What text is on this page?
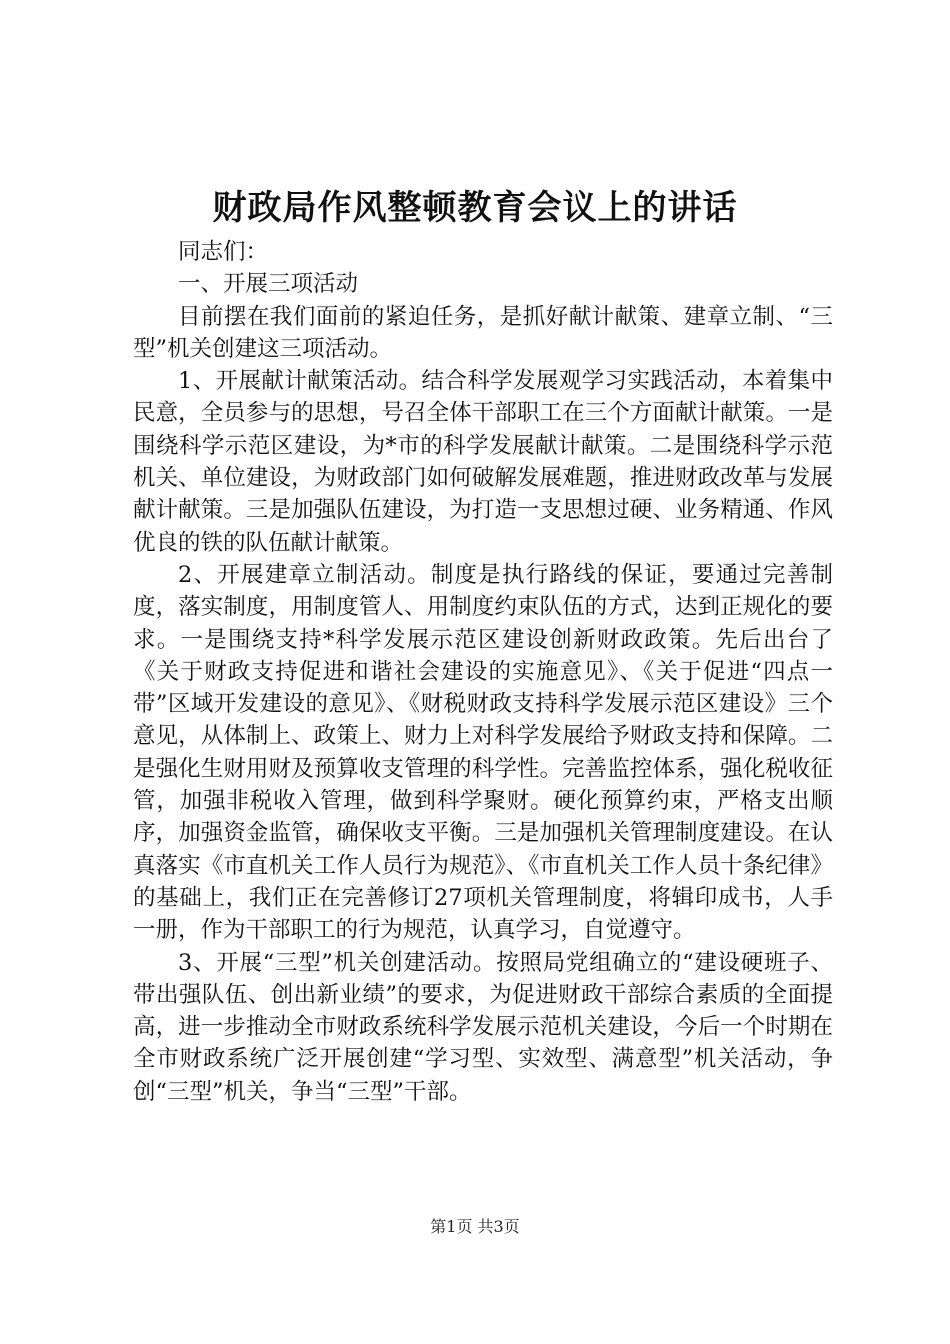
财政局作风整顿教育会议上的讲话

同志们：

一、开展三项活动

目前摆在我们面前的紧迫任务，是抓好献计献策、建章立制、“三型”机关创建这三项活动。

1、开展献计献策活动。结合科学发展观学习实践活动，本着集中民意，全员参与的思想，号召全体干部职工在三个方面献计献策。一是围绕科学示范区建设，为*市的科学发展献计献策。二是围绕科学示范机关、单位建设，为财政部门如何破解发展难题，推进财政改革与发展献计献策。三是加强队伍建设，为打造一支思想过硬、业务精通、作风优良的铁的队伍献计献策。

2、开展建章立制活动。制度是执行路线的保证，要通过完善制度，落实制度，用制度管人、用制度约束队伍的方式，达到正规化的要求。一是围绕支持*科学发展示范区建设创新财政政策。先后出台了《关于财政支持促进和谐社会建设的实施意见》、《关于促进“四点一带”区域开发建设的意见》、《财税财政支持科学发展示范区建设》三个意见，从体制上、政策上、财力上对科学发展给予财政支持和保障。二是强化生财用财及预算收支管理的科学性。完善监控体系，强化税收征管，加强非税收入管理，做到科学聚财。硬化预算约束，严格支出顺序，加强资金监管，确保收支平衡。三是加强机关管理制度建设。在认真落实《市直机关工作人员行为规范》、《市直机关工作人员十条纪律》的基础上，我们正在完善修订27项机关管理制度，将辑印成书，人手一册，作为干部职工的行为规范，认真学习，自觉遵守。

3、开展“三型”机关创建活动。按照局党组确立的“建设硬班子、带出强队伍、创出新业绩”的要求，为促进财政干部综合素质的全面提高，进一步推动全市财政系统科学发展示范机关建设，今后一个时期在全市财政系统广泛开展创建“学习型、实效型、满意型”机关活动，争创“三型”机关，争当“三型”干部。

第1页 共3页
